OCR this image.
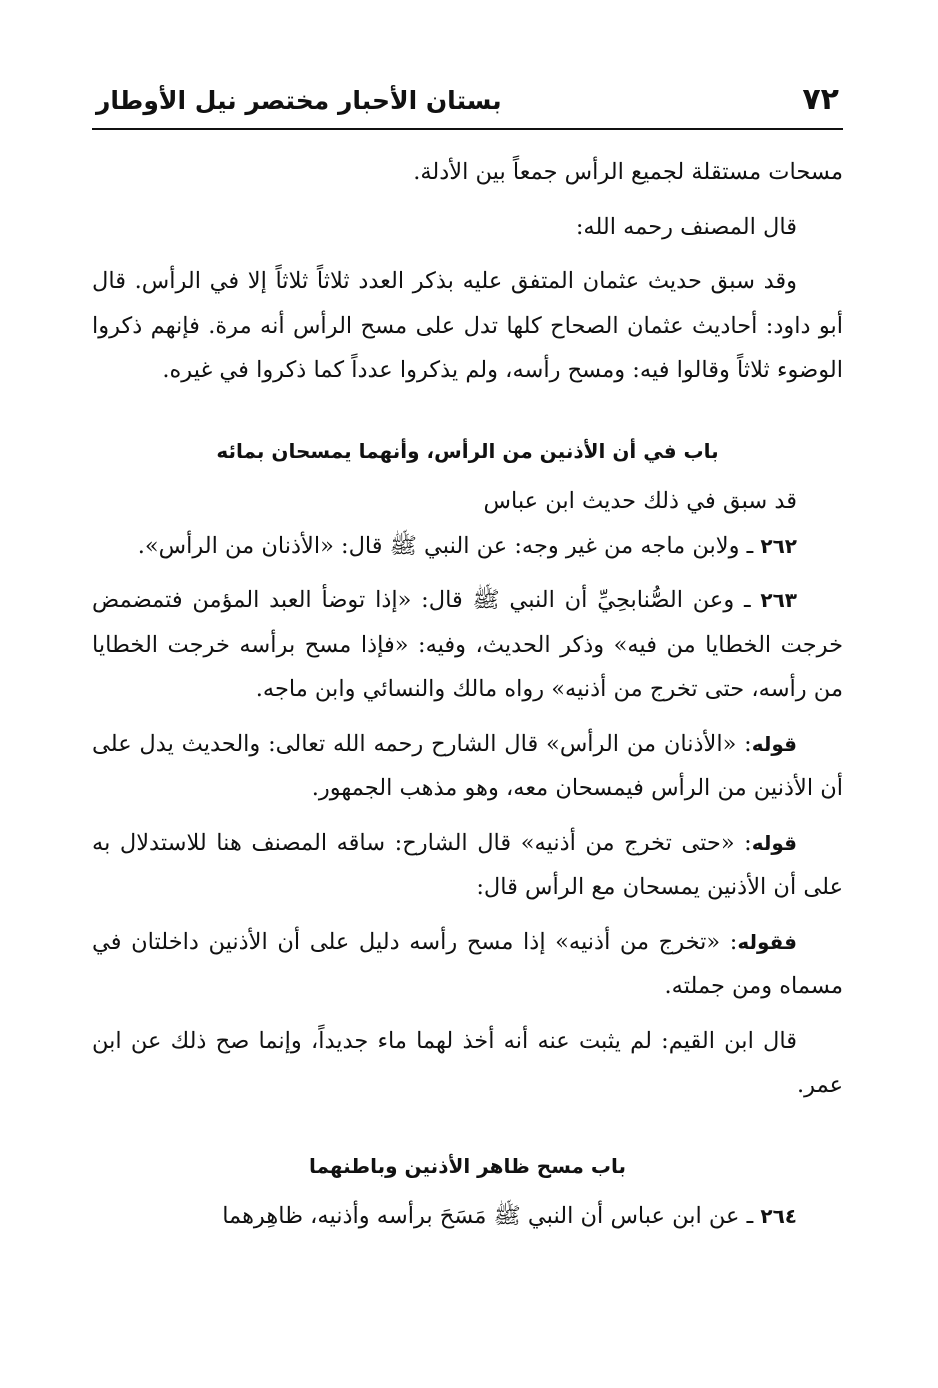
٧٢
بستان الأحبار مختصر نيل الأوطار

مسحات مستقلة لجميع الرأس جمعاً بين الأدلة.

قال المصنف رحمه الله:

وقد سبق حديث عثمان المتفق عليه بذكر العدد ثلاثاً ثلاثاً إلا في الرأس. قال أبو داود: أحاديث عثمان الصحاح كلها تدل على مسح الرأس أنه مرة. فإنهم ذكروا الوضوء ثلاثاً وقالوا فيه: ومسح رأسه، ولم يذكروا عدداً كما ذكروا في غيره.

باب في أن الأذنين من الرأس، وأنهما يمسحان بمائه

قد سبق في ذلك حديث ابن عباس

٢٦٢ ـ ولابن ماجه من غير وجه: عن النبي ﷺ قال: «الأذنان من الرأس».

٢٦٣ ـ وعن الصُّنابحِيِّ أن النبي ﷺ قال: «إذا توضأ العبد المؤمن فتمضمض خرجت الخطايا من فيه» وذكر الحديث، وفيه: «فإذا مسح برأسه خرجت الخطايا من رأسه، حتى تخرج من أذنيه» رواه مالك والنسائي وابن ماجه.

قوله: «الأذنان من الرأس» قال الشارح رحمه الله تعالى: والحديث يدل على أن الأذنين من الرأس فيمسحان معه، وهو مذهب الجمهور.

قوله: «حتى تخرج من أذنيه» قال الشارح: ساقه المصنف هنا للاستدلال به على أن الأذنين يمسحان مع الرأس قال:

فقوله: «تخرج من أذنيه» إذا مسح رأسه دليل على أن الأذنين داخلتان في مسماه ومن جملته.

قال ابن القيم: لم يثبت عنه أنه أخذ لهما ماء جديداً، وإنما صح ذلك عن ابن عمر.

باب مسح ظاهر الأذنين وباطنهما

٢٦٤ ـ عن ابن عباس أن النبي ﷺ مَسَحَ برأسه وأذنيه، ظاهِرهما
